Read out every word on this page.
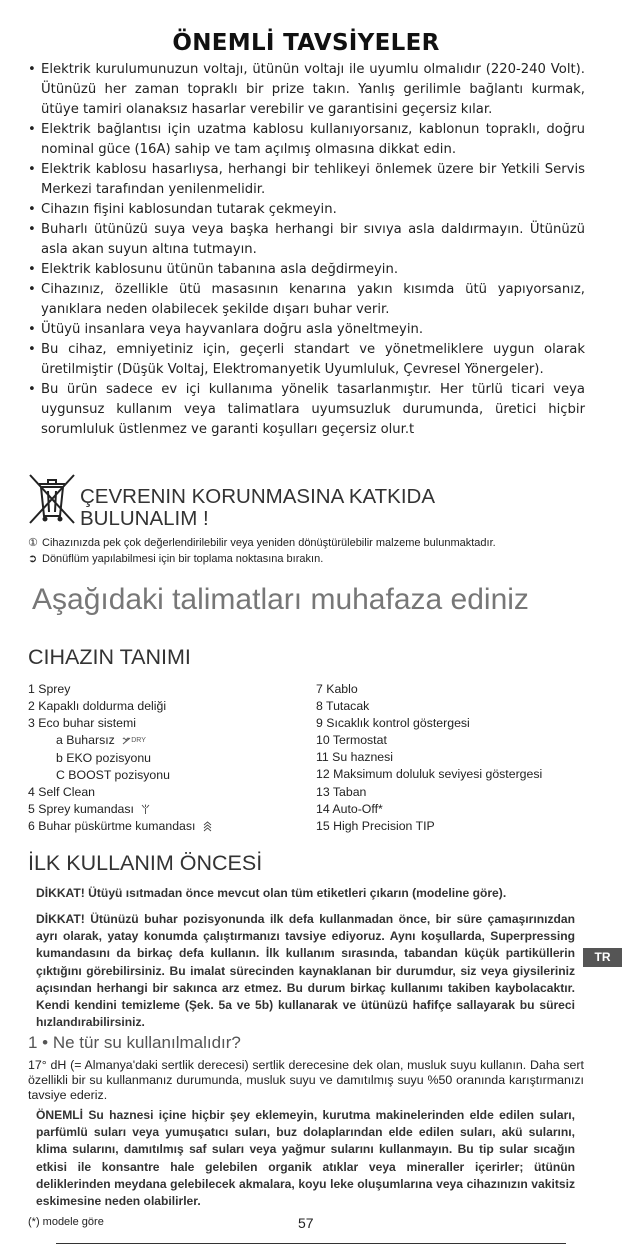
ÖNEMLİ TAVSİYELER
• Elektrik kurulumunuzun voltajı, ütünün voltajı ile uyumlu olmalıdır (220-240 Volt). Ütünüzü her zaman topraklı bir prize takın. Yanlış gerilimle bağlantı kurmak, ütüye tamiri olanaksız hasarlar verebilir ve garantisini geçersiz kılar.
• Elektrik bağlantısı için uzatma kablosu kullanıyorsanız, kablonun topraklı, doğru nominal güce (16A) sahip ve tam açılmış olmasına dikkat edin.
• Elektrik kablosu hasarlıysa, herhangi bir tehlikeyi önlemek üzere bir Yetkili Servis Merkezi tarafından yenilenmelidir.
• Cihazın fişini kablosundan tutarak çekmeyin.
• Buharlı ütünüzü suya veya başka herhangi bir sıvıya asla daldırmayın. Ütünüzü asla akan suyun altına tutmayın.
• Elektrik kablosunu ütünün tabanına asla değdirmeyin.
• Cihazınız, özellikle ütü masasının kenarına yakın kısımda ütü yapıyorsanız, yanıklara neden olabilecek şekilde dışarı buhar verir.
• Ütüyü insanlara veya hayvanlara doğru asla yöneltmeyin.
• Bu cihaz, emniyetiniz için, geçerli standart ve yönetmeliklere uygun olarak üretilmiştir (Düşük Voltaj, Elektromanyetik Uyumluluk, Çevresel Yönergeler).
• Bu ürün sadece ev içi kullanıma yönelik tasarlanmıştır. Her türlü ticari veya uygunsuz kullanım veya talimatlara uyumsuzluk durumunda, üretici hiçbir sorumluluk üstlenmez ve garanti koşulları geçersiz olur.t
ÇEVRENIN KORUNMASINA KATKIDA
BULUNALIM !
① Cihazınızda pek çok değerlendirilebilir veya yeniden dönüştürülebilir malzeme bulunmaktadır.
➲ Dönüflüm yapılabilmesi için bir toplama noktasına bırakın.
Aşağıdaki talimatları muhafaza ediniz
CIHAZIN TANIMI
1 Sprey
2 Kapaklı doldurma deliği
3 Eco buhar sistemi
a Buharsız DRY
b EKO pozisyonu
C BOOST pozisyonu
4 Self Clean
5 Sprey kumandası
6 Buhar püskürtme kumandası
7 Kablo
8 Tutacak
9 Sıcaklık kontrol göstergesi
10 Termostat
11 Su haznesi
12 Maksimum doluluk seviyesi göstergesi
13 Taban
14 Auto-Off*
15 High Precision TIP
İLK KULLANIM ÖNCESİ
DİKKAT! Ütüyü ısıtmadan önce mevcut olan tüm etiketleri çıkarın (modeline göre).
DİKKAT! Ütünüzü buhar pozisyonunda ilk defa kullanmadan önce, bir süre çamaşırınızdan ayrı olarak, yatay konumda çalıştırmanızı tavsiye ediyoruz. Aynı koşullarda, Superpressing kumandasını da birkaç defa kullanın. İlk kullanım sırasında, tabandan küçük partiküllerin çıktığını görebilirsiniz. Bu imalat sürecinden kaynaklanan bir durumdur, siz veya giysileriniz açısından herhangi bir sakınca arz etmez. Bu durum birkaç kullanımı takiben kaybolacaktır. Kendi kendini temizleme (Şek. 5a ve 5b) kullanarak ve ütünüzü hafifçe sallayarak bu süreci hızlandırabilirsiniz.
TR
1 • Ne tür su kullanılmalıdır?
17° dH (= Almanya'daki sertlik derecesi) sertlik derecesine dek olan, musluk suyu kullanın. Daha sert özellikli bir su kullanmanız durumunda, musluk suyu ve damıtılmış suyu %50 oranında karıştırmanızı tavsiye ederiz.
ÖNEMLİ Su haznesi içine hiçbir şey eklemeyin, kurutma makinelerinden elde edilen suları, parfümlü suları veya yumuşatıcı suları, buz dolaplarından elde edilen suları, akü sularını, klima sularını, damıtılmış saf suları veya yağmur sularını kullanmayın. Bu tip sular sıcağın etkisi ile konsantre hale gelebilen organik atıklar veya mineraller içerirler; ütünün deliklerinden meydana gelebilecek akmalara, koyu leke oluşumlarına veya cihazınızın vakitsiz eskimesine neden olabilirler.
(*) modele göre	57
